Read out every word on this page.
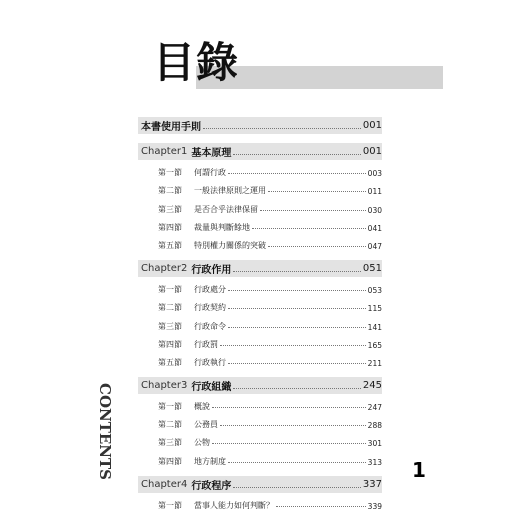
目錄
本書使用手則	001
Chapter1 基本原理	001
第一節	何謂行政	003
第二節	一般法律原則之運用	011
第三節	是否合乎法律保留	030
第四節	裁量與判斷餘地	041
第五節	特別權力關係的突破	047
Chapter2 行政作用	051
第一節	行政處分	053
第二節	行政契約	115
第三節	行政命令	141
第四節	行政罰	165
第五節	行政執行	211
Chapter3 行政組織	245
第一節	概說	247
第二節	公務員	288
第三節	公物	301
第四節	地方制度	313
Chapter4 行政程序	337
第一節	當事人能力如何判斷？	339
CONTENTS	1
